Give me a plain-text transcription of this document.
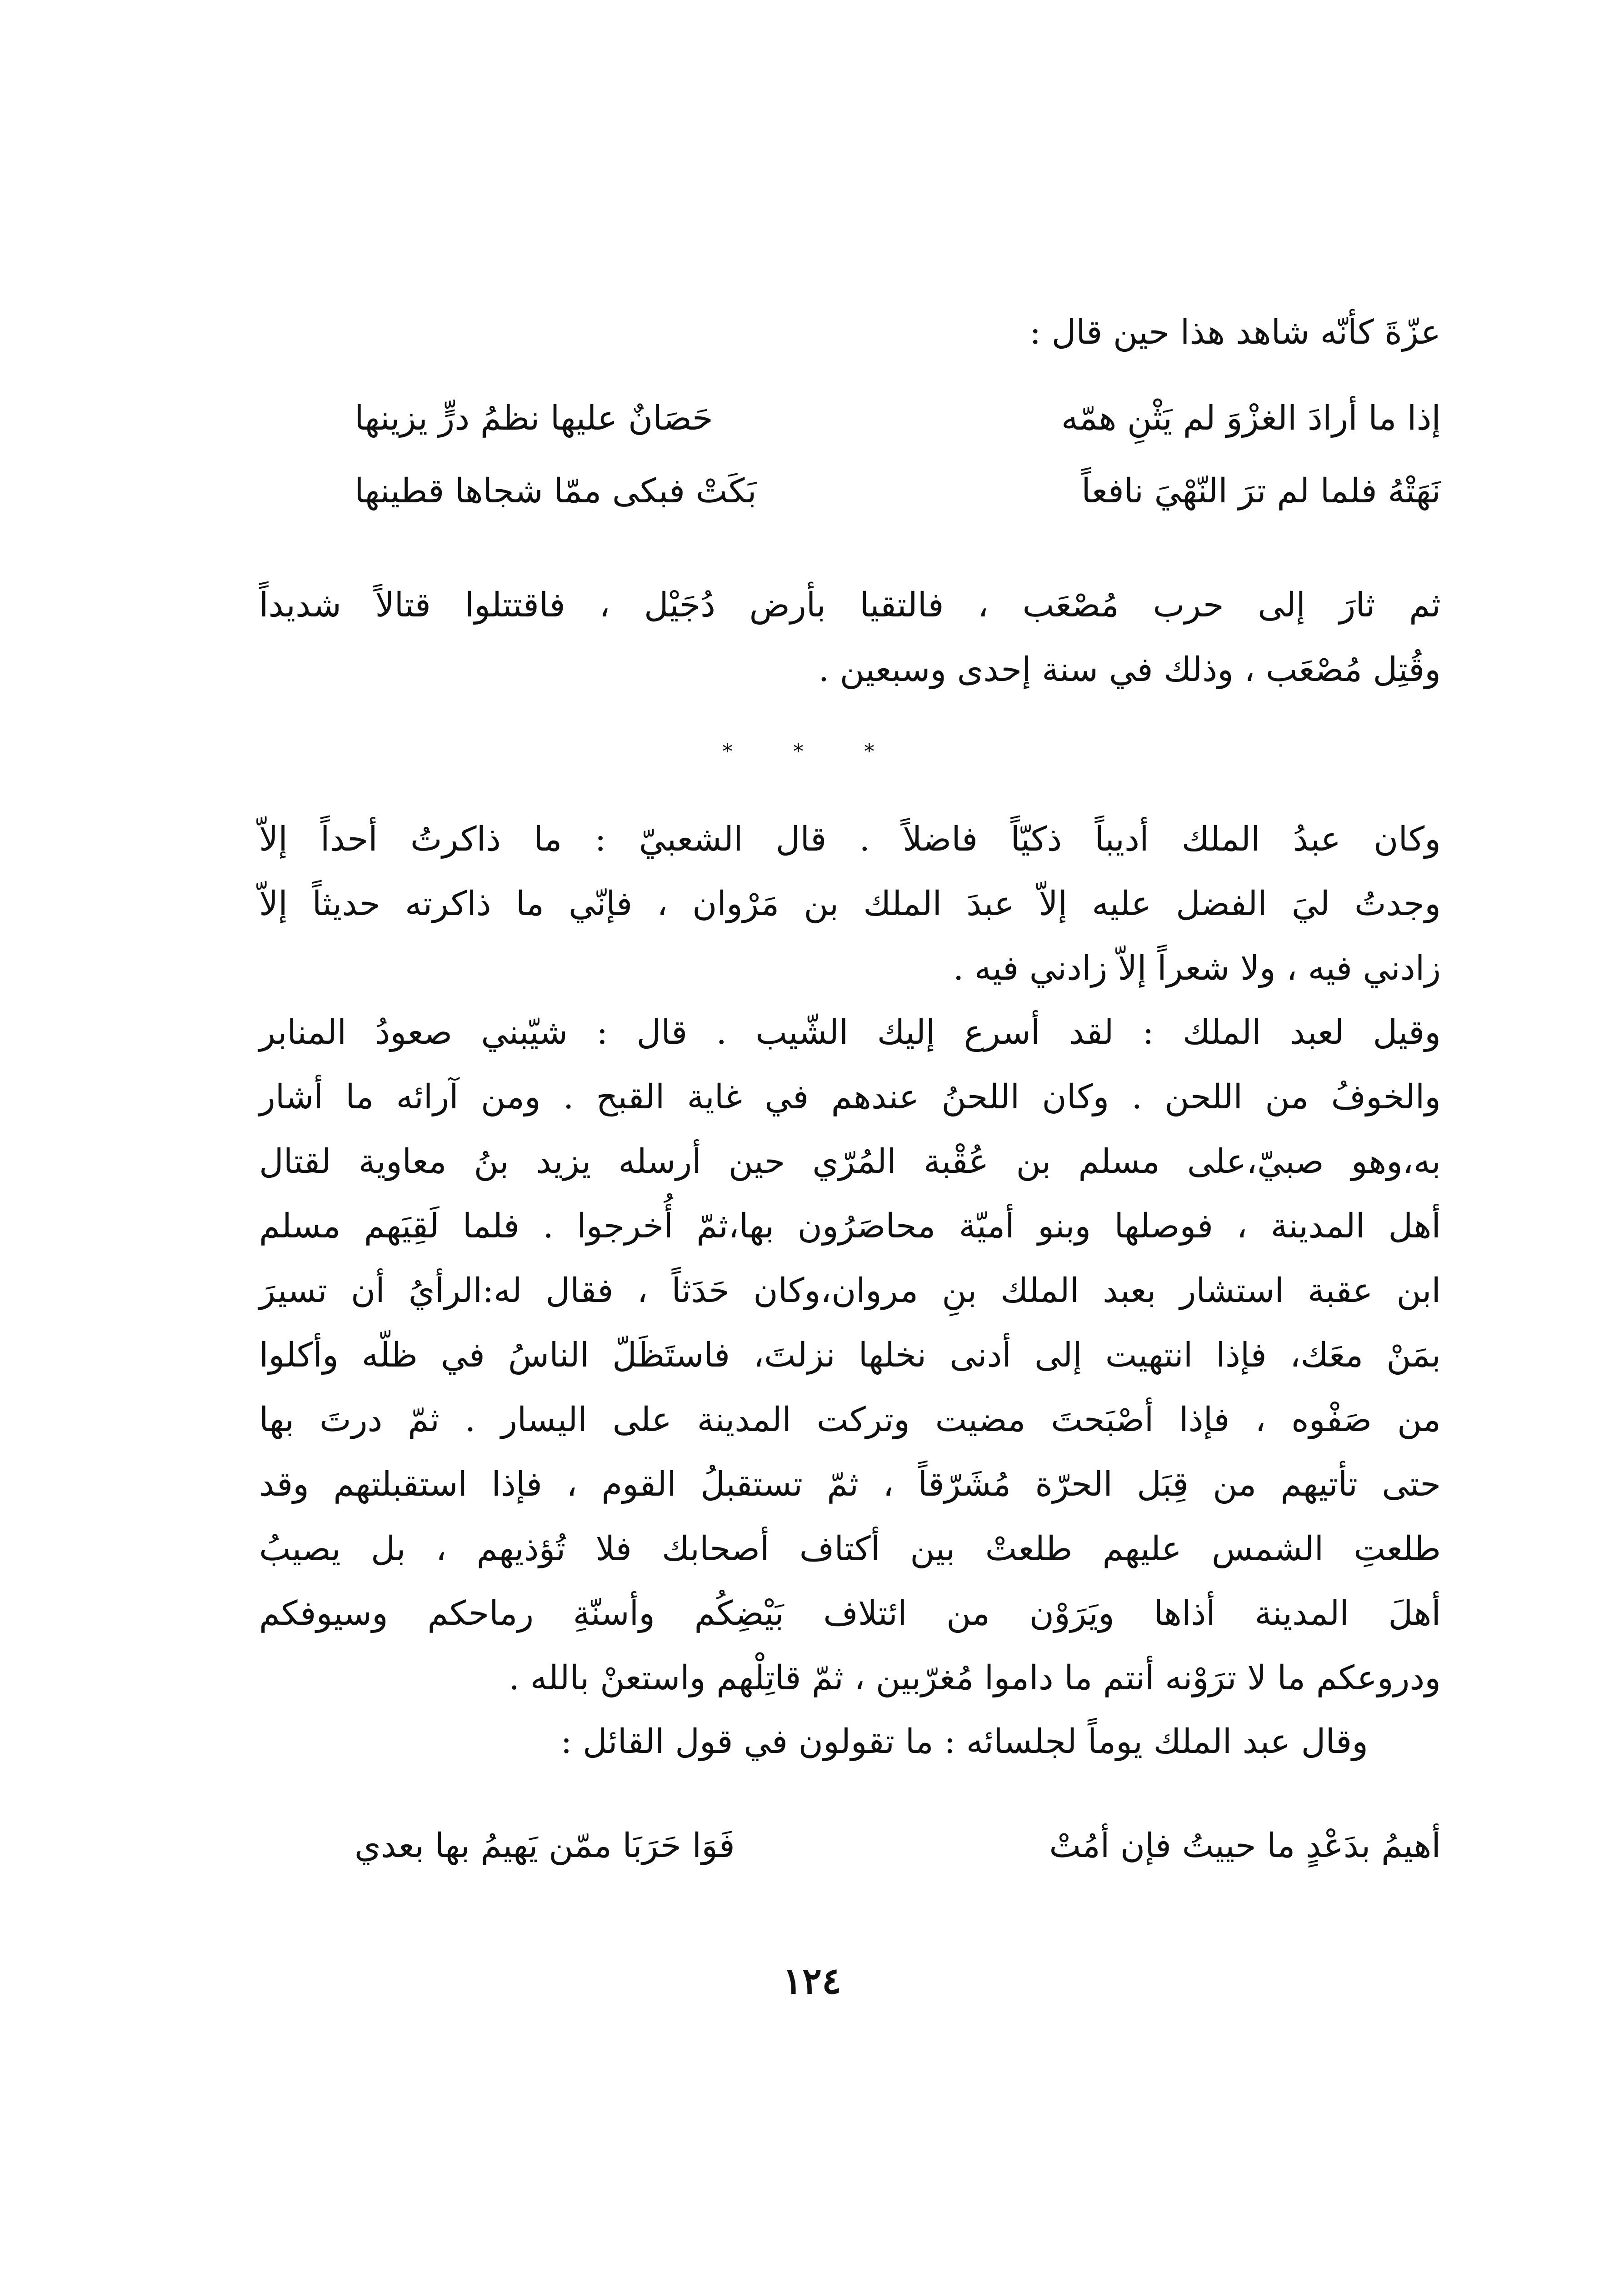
عزّةَ كأنّه شاهد هذا حين قال :
إذا ما أرادَ الغزْوَ لم يَثْنِ همّه
حَصَانٌ عليها نظمُ درٍّ يزينها
نَهَتْهُ فلما لم ترَ النّهْيَ نافعاً
بَكَتْ فبكى ممّا شجاها قطينها
ثم ثارَ إلى حرب مُصْعَب ، فالتقيا بأرض دُجَيْل ، فاقتتلوا قتالاً شديداً
وقُتِل مُصْعَب ، وذلك في سنة إحدى وسبعين .
* * *
وكان عبدُ الملك أديباً ذكيّاً فاضلاً . قال الشعبيّ : ما ذاكرتُ أحداً إلاّ
وجدتُ ليَ الفضل عليه إلاّ عبدَ الملك بن مَرْوان ، فإنّي ما ذاكرته حديثاً إلاّ
زادني فيه ، ولا شعراً إلاّ زادني فيه .
وقيل لعبد الملك : لقد أسرع إليك الشّيب . قال : شيّبني صعودُ المنابر
والخوفُ من اللحن . وكان اللحنُ عندهم في غاية القبح . ومن آرائه ما أشار
به،وهو صبيّ،على مسلم بن عُقْبة المُرّي حين أرسله يزيد بنُ معاوية لقتال
أهل المدينة ، فوصلها وبنو أميّة محاصَرُون بها،ثمّ أُخرجوا . فلما لَقِيَهم مسلم
ابن عقبة استشار بعبد الملك بنِ مروان،وكان حَدَثاً ، فقال له:الرأيُ أن تسيرَ
بمَنْ معَك، فإذا انتهيت إلى أدنى نخلها نزلتَ، فاستَظَلّ الناسُ في ظلّه وأكلوا
من صَفْوه ، فإذا أصْبَحتَ مضيت وتركت المدينة على اليسار . ثمّ درتَ بها
حتى تأتيهم من قِبَل الحرّة مُشَرّقاً ، ثمّ تستقبلُ القوم ، فإذا استقبلتهم وقد
طلعتِ الشمس عليهم طلعتْ بين أكتاف أصحابك فلا تُؤذيهم ، بل يصيبُ
أهلَ المدينة أذاها ويَرَوْن من ائتلاف بَيْضِكُم وأسنّةِ رماحكم وسيوفكم
ودروعكم ما لا ترَوْنه أنتم ما داموا مُغرّبين ، ثمّ قاتِلْهم واستعنْ بالله .
وقال عبد الملك يوماً لجلسائه : ما تقولون في قول القائل :
أهيمُ بدَعْدٍ ما حييتُ فإن أمُتْ
فَوَا حَرَبَا ممّن يَهيمُ بها بعدي
١٢٤
